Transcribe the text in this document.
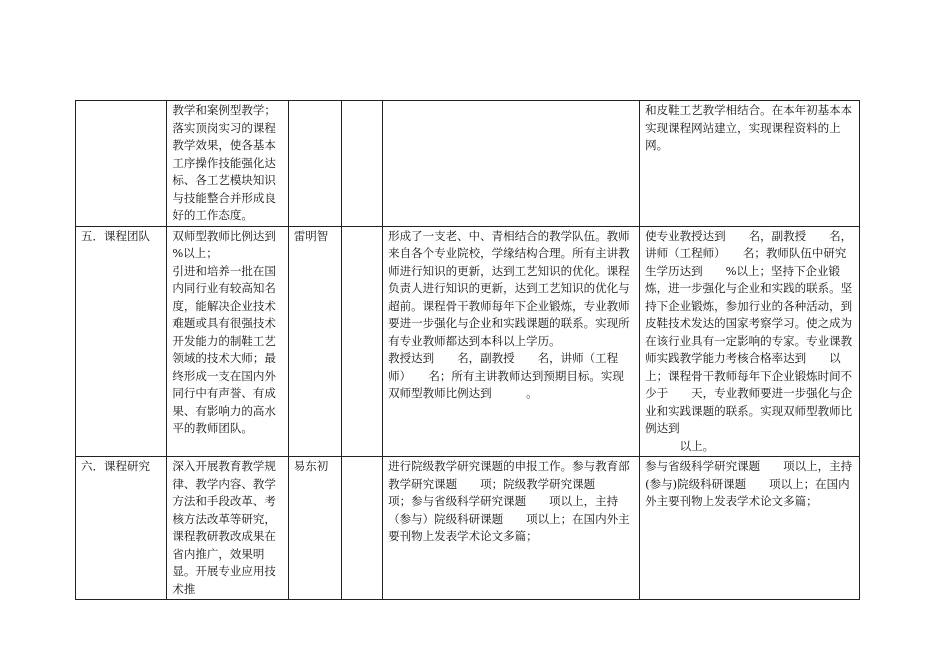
	教学和案例型教学；
落实顶岗实习的课程教学效果，使各基本工序操作技能强化达标、各工艺模块知识与技能整合并形成良好的工作态度。				和皮鞋工艺教学相结合。在本年初基本本实现课程网站建立，实现课程资料的上网。
五．课程团队	双师型教师比例达到　　%以上；
引进和培养一批在国内同行业有较高知名度，能解决企业技术难题或具有很强技术开发能力的制鞋工艺领域的技术大师；最终形成一支在国内外同行中有声誉、有成果、有影响力的高水平的教师团队。	雷明智		形成了一支老、中、青相结合的教学队伍。教师来自各个专业院校，学缘结构合理。所有主讲教师进行知识的更新，达到工艺知识的优化。课程负责人进行知识的更新，达到工艺知识的优化与超前。课程骨干教师每年下企业锻炼，专业教师要进一步强化与企业和实践课题的联系。实现所有专业教师都达到本科以上学历。
教授达到　　名，副教授　　名，讲师（工程师）　　名；所有主讲教师达到预期目标。实现双师型教师比例达到　　　。	使专业教授达到　　名，副教授　　名，讲师（工程师）　　名；教师队伍中研究生学历达到　　%以上；坚持下企业锻炼，进一步强化与企业和实践的联系。坚持下企业锻炼，参加行业的各种活动，到皮鞋技术发达的国家考察学习。使之成为在该行业具有一定影响的专家。专业课教师实践教学能力考核合格率达到　　以上；课程骨干教师每年下企业锻炼时间不少于　　天，专业教师要进一步强化与企业和实践课题的联系。实现双师型教师比例达到
　　　以上。
六．课程研究	深入开展教育教学规律、教学内容、教学方法和手段改革、考核方法改革等研究，课程教研教改成果在省内推广，效果明显。开展专业应用技术推	易东初		进行院级教学研究课题的申报工作。参与教育部教学研究课题　　项；院级教学研究课题　　项；参与省级科学研究课题　　项以上，主持（参与）院级科研课题　　项以上；在国内外主要刊物上发表学术论文多篇；	参与省级科学研究课题　　项以上，主持(参与)院级科研课题　　项以上；在国内外主要刊物上发表学术论文多篇；
